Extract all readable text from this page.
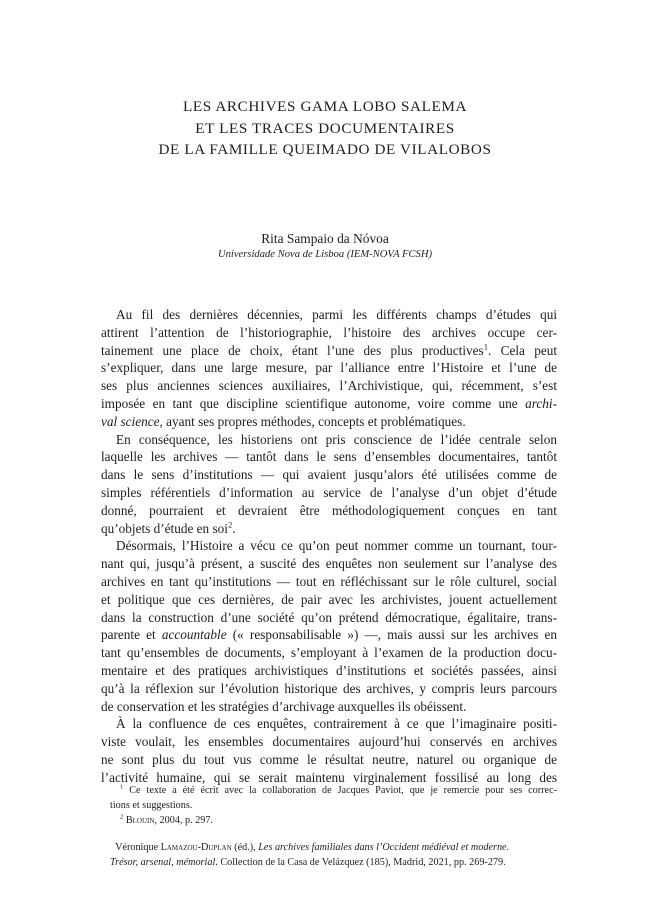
LES ARCHIVES GAMA LOBO SALEMA
ET LES TRACES DOCUMENTAIRES
DE LA FAMILLE QUEIMADO DE VILALOBOS
Rita Sampaio da Nóvoa
Universidade Nova de Lisboa (IEM-NOVA FCSH)
Au fil des dernières décennies, parmi les différents champs d’études qui
attirent l’attention de l’historiographie, l’histoire des archives occupe cer-
tainement une place de choix, étant l’une des plus productives$^1$. Cela peut
s’expliquer, dans une large mesure, par l’alliance entre l’Histoire et l’une de
ses plus anciennes sciences auxiliaires, l’Archivistique, qui, récemment, s’est
imposée en tant que discipline scientifique autonome, voire comme une archi-
val science, ayant ses propres méthodes, concepts et problématiques.
En conséquence, les historiens ont pris conscience de l’idée centrale selon
laquelle les archives — tantôt dans le sens d’ensembles documentaires, tantôt
dans le sens d’institutions — qui avaient jusqu’alors été utilisées comme de
simples référentiels d’information au service de l’analyse d’un objet d’étude
donné, pourraient et devraient être méthodologiquement conçues en tant
qu’objets d’étude en soi$^2$.
Désormais, l’Histoire a vécu ce qu’on peut nommer comme un tournant, tour-
nant qui, jusqu’à présent, a suscité des enquêtes non seulement sur l’analyse des
archives en tant qu’institutions — tout en réfléchissant sur le rôle culturel, social
et politique que ces dernières, de pair avec les archivistes, jouent actuellement
dans la construction d’une société qu’on prétend démocratique, égalitaire, trans-
parente et accountable (« responsabilisable ») —, mais aussi sur les archives en
tant qu’ensembles de documents, s’employant à l’examen de la production docu-
mentaire et des pratiques archivistiques d’institutions et sociétés passées, ainsi
qu’à la réflexion sur l’évolution historique des archives, y compris leurs parcours
de conservation et les stratégies d’archivage auxquelles ils obéissent.
À la confluence de ces enquêtes, contrairement à ce que l’imaginaire positi-
viste voulait, les ensembles documentaires aujourd’hui conservés en archives
ne sont plus du tout vus comme le résultat neutre, naturel ou organique de
l’activité humaine, qui se serait maintenu virginalement fossilisé au long des
$^1$ Ce texte a été écrit avec la collaboration de Jacques Paviot, que je remercie pour ses correc-
tions et suggestions.
$^2$ Blouin, 2004, p. 297.
Véronique Lamazou-Duplan (éd.), Les archives familiales dans l’Occident médiéval et moderne.
Trésor, arsenal, mémorial. Collection de la Casa de Velázquez (185), Madrid, 2021, pp. 269-279.
